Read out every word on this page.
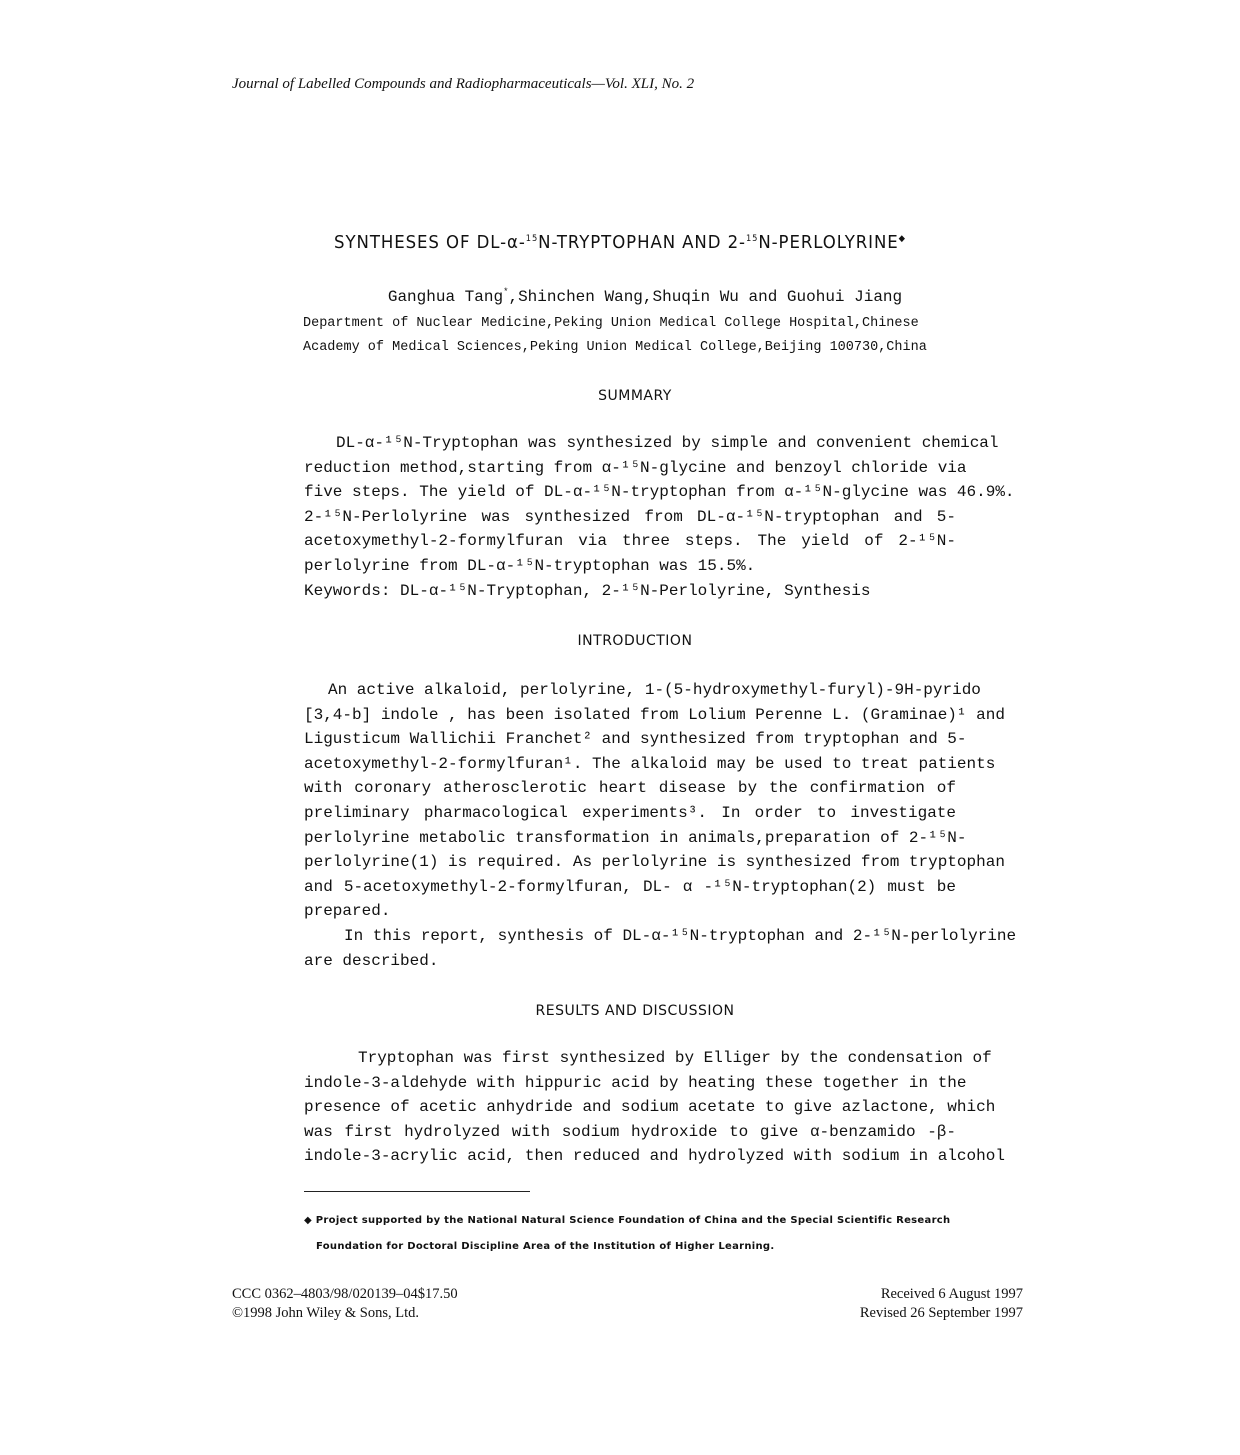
Journal of Labelled Compounds and Radiopharmaceuticals—Vol. XLI, No. 2
SYNTHESES OF DL-α-$^{15}$N-TRYPTOPHAN AND 2-$^{15}$N-PERLOLYRINE◆
Ganghua Tang*,Shinchen Wang,Shuqin Wu and Guohui Jiang
Department of Nuclear Medicine,Peking Union Medical College Hospital,Chinese
Academy of Medical Sciences,Peking Union Medical College,Beijing 100730,China
SUMMARY
DL-α-¹⁵N-Tryptophan was synthesized by simple and convenient chemical
reduction method,starting from α-¹⁵N-glycine and benzoyl chloride via
five steps. The yield of DL-α-¹⁵N-tryptophan from α-¹⁵N-glycine was 46.9%.
2-¹⁵N-Perlolyrine was synthesized from DL-α-¹⁵N-tryptophan and 5-
acetoxymethyl-2-formylfuran via three steps. The yield of 2-¹⁵N-
perlolyrine from DL-α-¹⁵N-tryptophan was 15.5%.
Keywords: DL-α-¹⁵N-Tryptophan, 2-¹⁵N-Perlolyrine, Synthesis
INTRODUCTION
An active alkaloid, perlolyrine, 1-(5-hydroxymethyl-furyl)-9H-pyrido
[3,4-b] indole , has been isolated from Lolium Perenne L. (Graminae)¹ and
Ligusticum Wallichii Franchet² and synthesized from tryptophan and 5-
acetoxymethyl-2-formylfuran¹. The alkaloid may be used to treat patients
with coronary atherosclerotic heart disease by the confirmation of
preliminary pharmacological experiments³. In order to investigate
perlolyrine metabolic transformation in animals,preparation of 2-¹⁵N-
perlolyrine(1) is required. As perlolyrine is synthesized from tryptophan
and 5-acetoxymethyl-2-formylfuran, DL- α -¹⁵N-tryptophan(2) must be
prepared.
In this report, synthesis of DL-α-¹⁵N-tryptophan and 2-¹⁵N-perlolyrine
are described.
RESULTS AND DISCUSSION
Tryptophan was first synthesized by Elliger by the condensation of
indole-3-aldehyde with hippuric acid by heating these together in the
presence of acetic anhydride and sodium acetate to give azlactone, which
was first hydrolyzed with sodium hydroxide to give α-benzamido -β-
indole-3-acrylic acid, then reduced and hydrolyzed with sodium in alcohol
◆ Project supported by the National Natural Science Foundation of China and the Special Scientific Research
Foundation for Doctoral Discipline Area of the Institution of Higher Learning.
CCC 0362–4803/98/020139–04$17.50
©1998 John Wiley & Sons, Ltd.
Received 6 August 1997
Revised 26 September 1997
